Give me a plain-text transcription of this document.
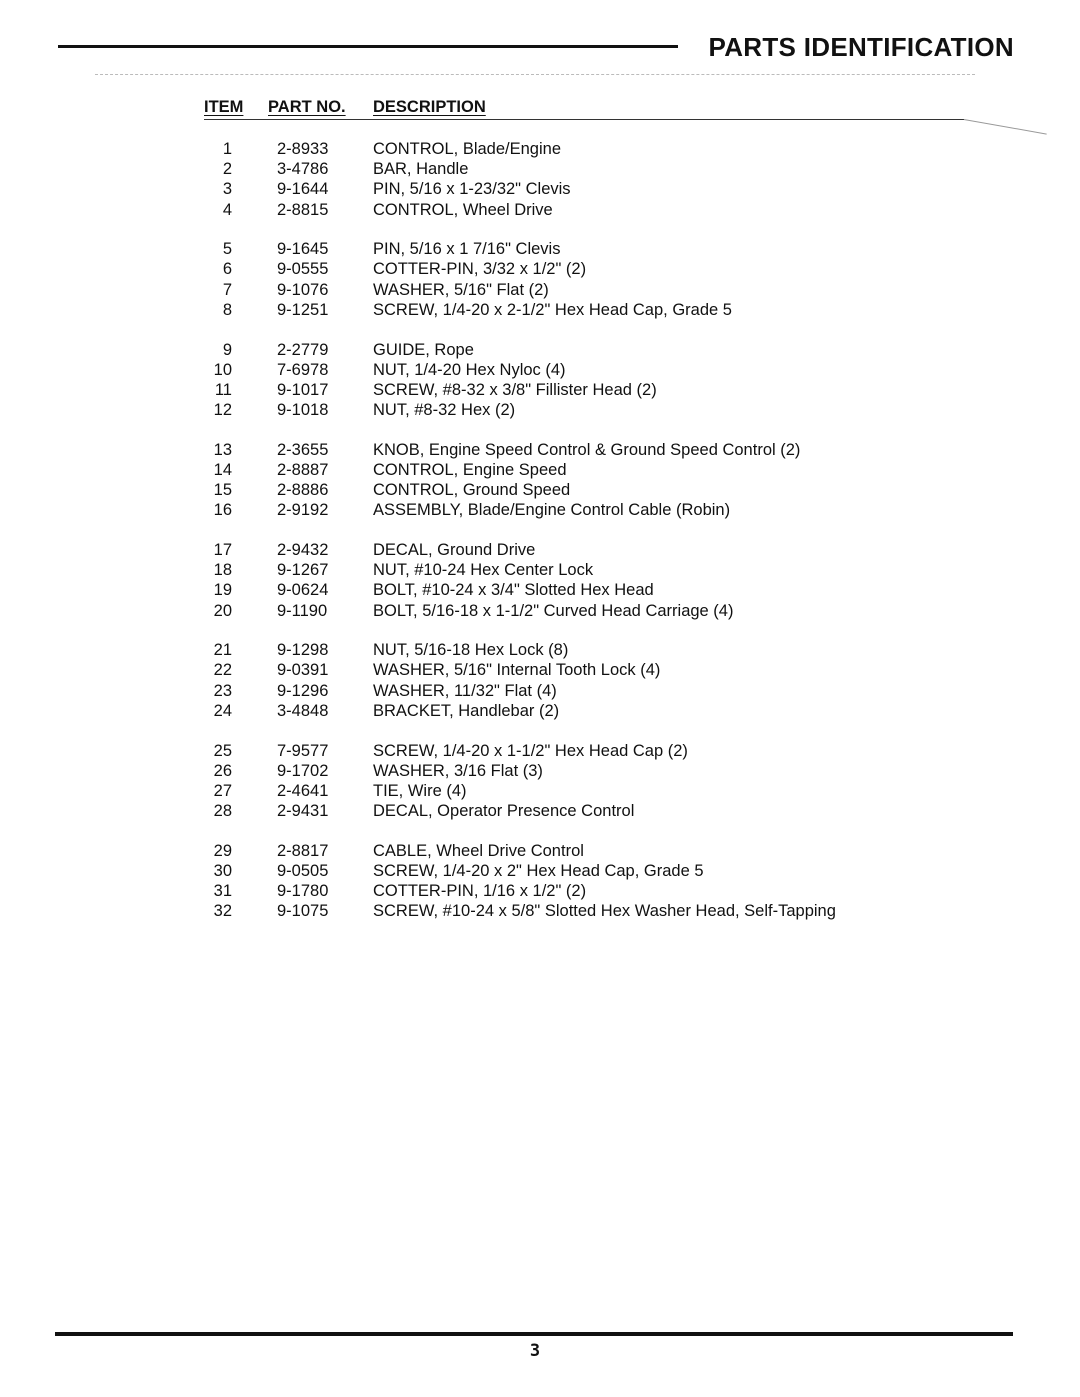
PARTS IDENTIFICATION
ITEM PART NO. DESCRIPTION
1	2-8933	CONTROL, Blade/Engine
2	3-4786	BAR, Handle
3	9-1644	PIN, 5/16 x 1-23/32" Clevis
4	2-8815	CONTROL, Wheel Drive
5	9-1645	PIN, 5/16 x 1 7/16" Clevis
6	9-0555	COTTER-PIN, 3/32 x 1/2" (2)
7	9-1076	WASHER, 5/16" Flat (2)
8	9-1251	SCREW, 1/4-20 x 2-1/2" Hex Head Cap, Grade 5
9	2-2779	GUIDE, Rope
10	7-6978	NUT, 1/4-20 Hex Nyloc (4)
11	9-1017	SCREW, #8-32 x 3/8" Fillister Head (2)
12	9-1018	NUT, #8-32 Hex (2)
13	2-3655	KNOB, Engine Speed Control & Ground Speed Control (2)
14	2-8887	CONTROL, Engine Speed
15	2-8886	CONTROL, Ground Speed
16	2-9192	ASSEMBLY, Blade/Engine Control Cable (Robin)
17	2-9432	DECAL, Ground Drive
18	9-1267	NUT, #10-24 Hex Center Lock
19	9-0624	BOLT, #10-24 x 3/4" Slotted Hex Head
20	9-1190	BOLT, 5/16-18 x 1-1/2" Curved Head Carriage (4)
21	9-1298	NUT, 5/16-18 Hex Lock (8)
22	9-0391	WASHER, 5/16" Internal Tooth Lock (4)
23	9-1296	WASHER, 11/32" Flat (4)
24	3-4848	BRACKET, Handlebar (2)
25	7-9577	SCREW, 1/4-20 x 1-1/2" Hex Head Cap (2)
26	9-1702	WASHER, 3/16 Flat (3)
27	2-4641	TIE, Wire (4)
28	2-9431	DECAL, Operator Presence Control
29	2-8817	CABLE, Wheel Drive Control
30	9-0505	SCREW, 1/4-20 x 2" Hex Head Cap, Grade 5
31	9-1780	COTTER-PIN, 1/16 x 1/2" (2)
32	9-1075	SCREW, #10-24 x 5/8" Slotted Hex Washer Head, Self-Tapping
3
